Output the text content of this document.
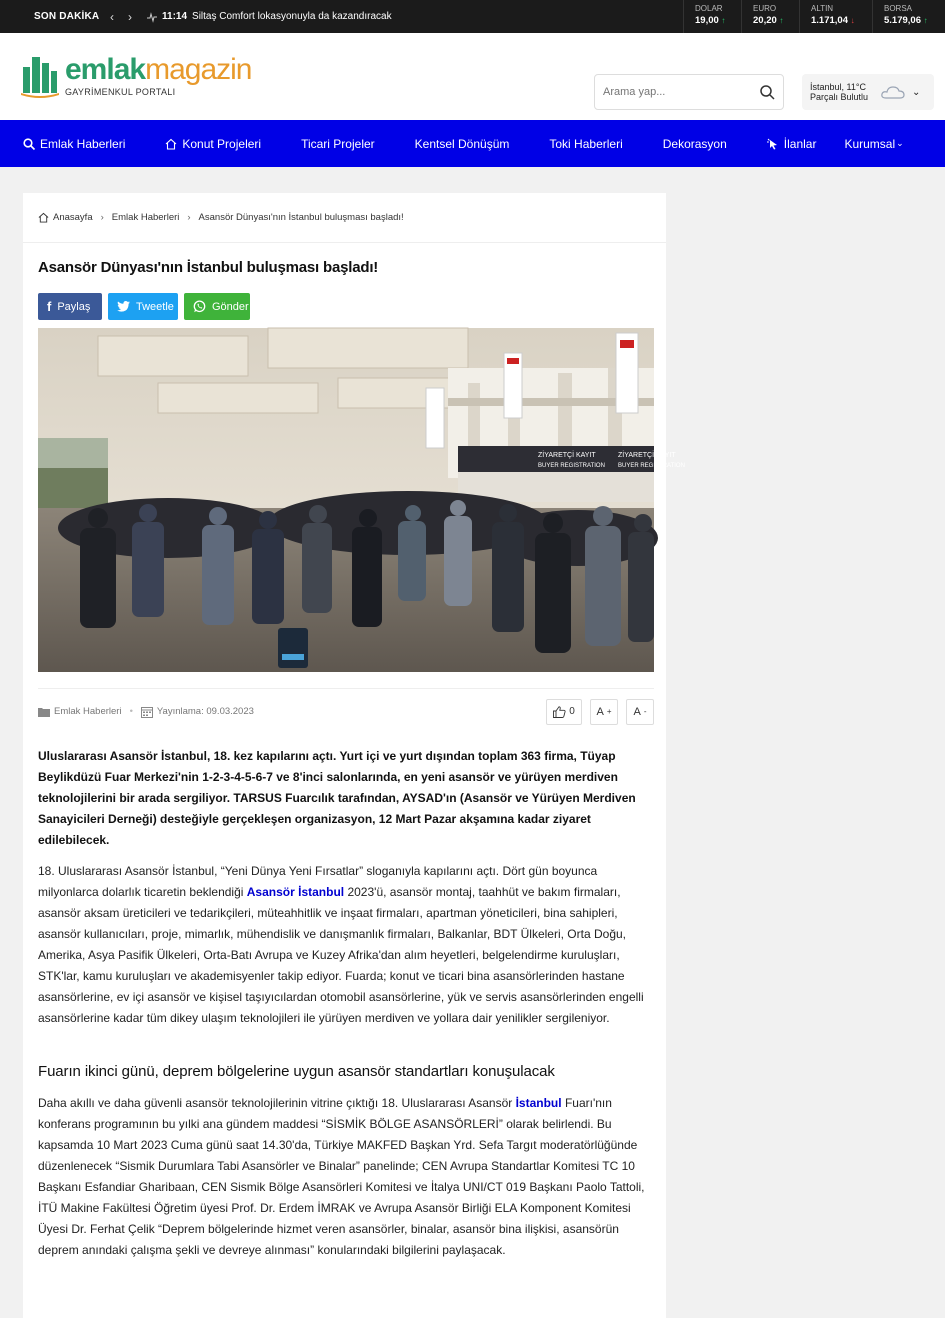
SON DAKİKA ‹ ›	11:14 Siltaş Comfort lokasyonuyla da kazandıracak
DOLAR
19,00 ↑
EURO
20,20 ↑
ALTIN
1.171,04 ↓
BORSA
5.179,06 ↑
emlakmagazin
GAYRİMENKUL PORTALI
Arama yap...	İstanbul, 11°C
Parçalı Bulutlu	⌄
Emlak Haberleri	Konut Projeleri	Ticari Projeler	Kentsel Dönüşüm	Toki Haberleri	Dekorasyon	İlanlar Kurumsal ⌄
Anasayfa › Emlak Haberleri › Asansör Dünyası'nın İstanbul buluşması başladı!
Asansör Dünyası'nın İstanbul buluşması başladı!
f Paylaş	Tweetle	Gönder
ZİYARETÇİ KAYIT
BUYER REGISTRATION
ZİYARETÇİ KAYIT
BUYER REGISTRATION
Emlak Haberleri •	Yayınlama: 09.03.2023	0 A + A -

Uluslararası Asansör İstanbul, 18. kez kapılarını açtı. Yurt içi ve yurt dışından toplam 363 firma, Tüyap Beylikdüzü Fuar Merkezi'nin 1-2-3-4-5-6-7 ve 8'inci salonlarında, en yeni asansör ve yürüyen merdiven teknolojilerini bir arada sergiliyor. TARSUS Fuarcılık tarafından, AYSAD'ın (Asansör ve Yürüyen Merdiven Sanayicileri Derneği) desteğiyle gerçekleşen organizasyon, 12 Mart Pazar akşamına kadar ziyaret edilebilecek.

18. Uluslararası Asansör İstanbul, “Yeni Dünya Yeni Fırsatlar” sloganıyla kapılarını açtı. Dört gün boyunca milyonlarca dolarlık ticaretin beklendiği Asansör İstanbul 2023'ü, asansör montaj, taahhüt ve bakım firmaları, asansör aksam üreticileri ve tedarikçileri, müteahhitlik ve inşaat firmaları, apartman yöneticileri, bina sahipleri, asansör kullanıcıları, proje, mimarlık, mühendislik ve danışmanlık firmaları, Balkanlar, BDT Ülkeleri, Orta Doğu, Amerika, Asya Pasifik Ülkeleri, Orta-Batı Avrupa ve Kuzey Afrika'dan alım heyetleri, belgelendirme kuruluşları, STK'lar, kamu kuruluşları ve akademisyenler takip ediyor. Fuarda; konut ve ticari bina asansörlerinden hastane asansörlerine, ev içi asansör ve kişisel taşıyıcılardan otomobil asansörlerine, yük ve servis asansörlerinden engelli asansörlerine kadar tüm dikey ulaşım teknolojileri ile yürüyen merdiven ve yollara dair yenilikler sergileniyor.

Fuarın ikinci günü, deprem bölgelerine uygun asansör standartları konuşulacak

Daha akıllı ve daha güvenli asansör teknolojilerinin vitrine çıktığı 18. Uluslararası Asansör İstanbul Fuarı'nın konferans programının bu yılki ana gündem maddesi “SİSMİK BÖLGE ASANSÖRLERİ” olarak belirlendi. Bu kapsamda 10 Mart 2023 Cuma günü saat 14.30'da, Türkiye MAKFED Başkan Yrd. Sefa Targıt moderatörlüğünde düzenlenecek “Sismik Durumlara Tabi Asansörler ve Binalar” panelinde; CEN Avrupa Standartlar Komitesi TC 10 Başkanı Esfandiar Gharibaan, CEN Sismik Bölge Asansörleri Komitesi ve İtalya UNI/CT 019 Başkanı Paolo Tattoli, İTÜ Makine Fakültesi Öğretim üyesi Prof. Dr. Erdem İMRAK ve Avrupa Asansör Birliği ELA Komponent Komitesi Üyesi Dr. Ferhat Çelik “Deprem bölgelerinde hizmet veren asansörler, binalar, asansör bina ilişkisi, asansörün deprem anındaki çalışma şekli ve devreye alınması” konularındaki bilgilerini paylaşacak.
